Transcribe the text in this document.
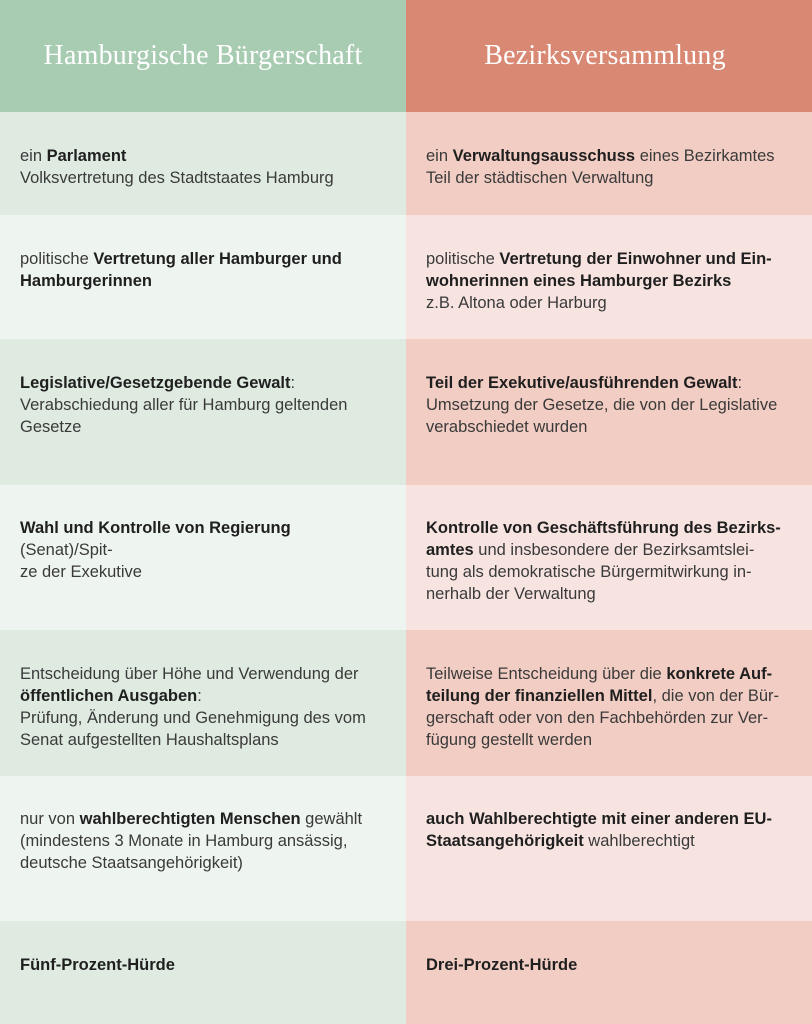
Hamburgische Bürgerschaft	Bezirksversammlung
ein Parlament
Volksvertretung des Stadtstaates Hamburg
ein Verwaltungsausschuss eines Bezirkamtes
Teil der städtischen Verwaltung
politische Vertretung aller Hamburger und
Hamburgerinnen
politische Vertretung der Einwohner und Ein-
wohnerinnen eines Hamburger Bezirks
z.B. Altona oder Harburg
Legislative/Gesetzgebende Gewalt:
Verabschiedung aller für Hamburg geltenden
Gesetze
Teil der Exekutive/ausführenden Gewalt:
Umsetzung der Gesetze, die von der Legislative
verabschiedet wurden
Wahl und Kontrolle von Regierung (Senat)/Spit-
ze der Exekutive
Kontrolle von Geschäftsführung des Bezirks-
amtes und insbesondere der Bezirksamtslei-
tung als demokratische Bürgermitwirkung in-
nerhalb der Verwaltung
Entscheidung über Höhe und Verwendung der
öffentlichen Ausgaben:
Prüfung, Änderung und Genehmigung des vom
Senat aufgestellten Haushaltsplans
Teilweise Entscheidung über die konkrete Auf-
teilung der finanziellen Mittel, die von der Bür-
gerschaft oder von den Fachbehörden zur Ver-
fügung gestellt werden
nur von wahlberechtigten Menschen gewählt
(mindestens 3 Monate in Hamburg ansässig,
deutsche Staatsangehörigkeit)
auch Wahlberechtigte mit einer anderen EU-
Staatsangehörigkeit wahlberechtigt
Fünf-Prozent-Hürde	Drei-Prozent-Hürde
